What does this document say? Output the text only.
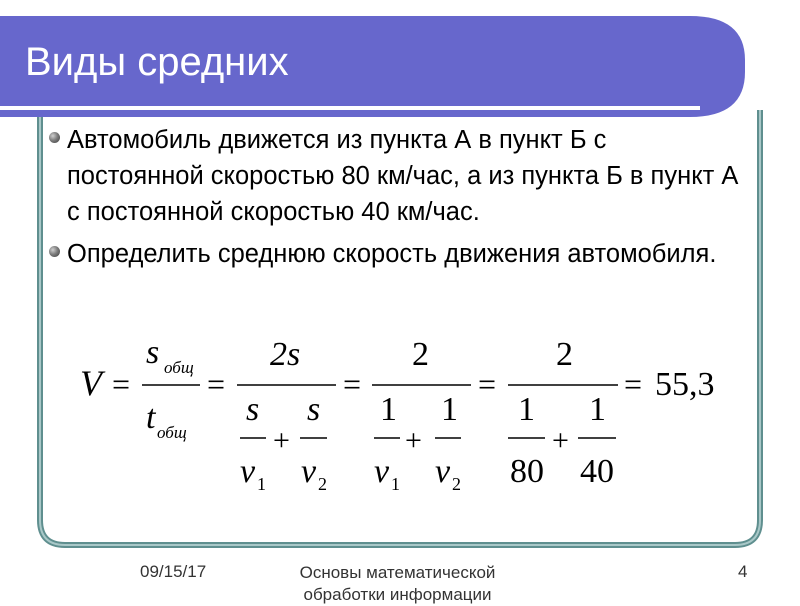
Виды средних
Автомобиль движется из пункта А в пункт Б с постоянной скоростью 80 км/час, а из пункта Б в пункт А с постоянной скоростью 40 км/час.
Определить среднюю скорость движения автомобиля.
V =
s общ
t общ
=
2s
s
v 1
+
s
v 2
=
2
1
v 1
+
1
v 2
=
2
1
80
+
1
40
= 55,3
09/15/17	Основы математической обработки информации
4
